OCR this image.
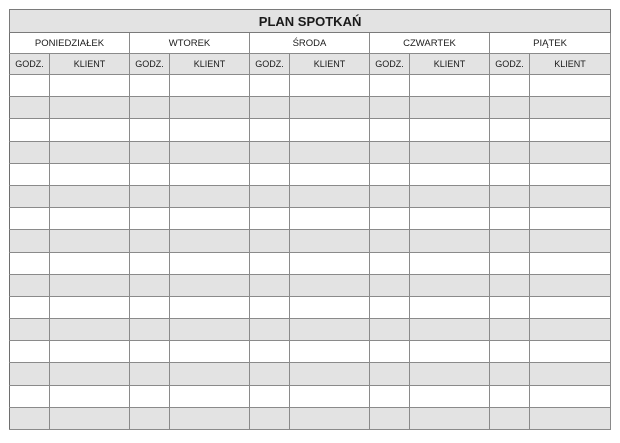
PLAN SPOTKAŃ									
PONIEDZIAŁEK		WTOREK		ŚRODA		CZWARTEK		PIĄTEK	
GODZ.	KLIENT	GODZ.	KLIENT	GODZ.	KLIENT	GODZ.	KLIENT	GODZ.	KLIENT
